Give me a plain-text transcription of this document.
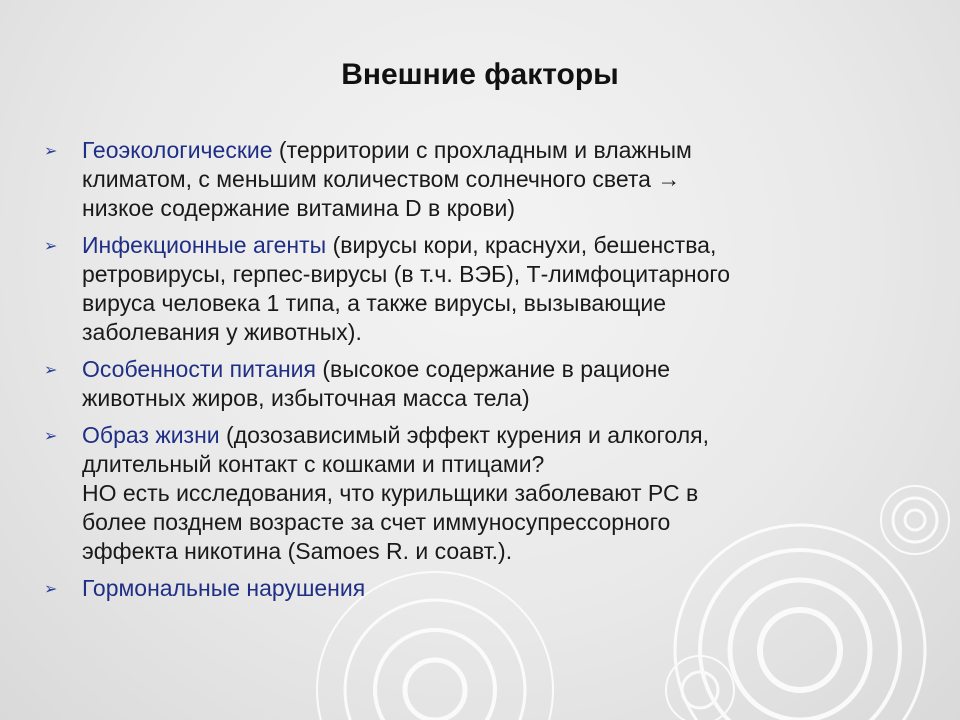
Внешние факторы
➢ Геоэкологические (территории с прохладным и влажным
климатом, с меньшим количеством солнечного света →
низкое содержание витамина D в крови)
➢ Инфекционные агенты (вирусы кори, краснухи, бешенства,
ретровирусы, герпес-вирусы (в т.ч. ВЭБ), Т-лимфоцитарного
вируса человека 1 типа, а также вирусы, вызывающие
заболевания у животных).
➢ Особенности питания (высокое содержание в рационе
животных жиров, избыточная масса тела)
➢ Образ жизни (дозозависимый эффект курения и алкоголя,
длительный контакт с кошками и птицами?
НО есть исследования, что курильщики заболевают РС в
более позднем возрасте за счет иммуносупрессорного
эффекта никотина (Samoes R. и соавт.).
➢ Гормональные нарушения
